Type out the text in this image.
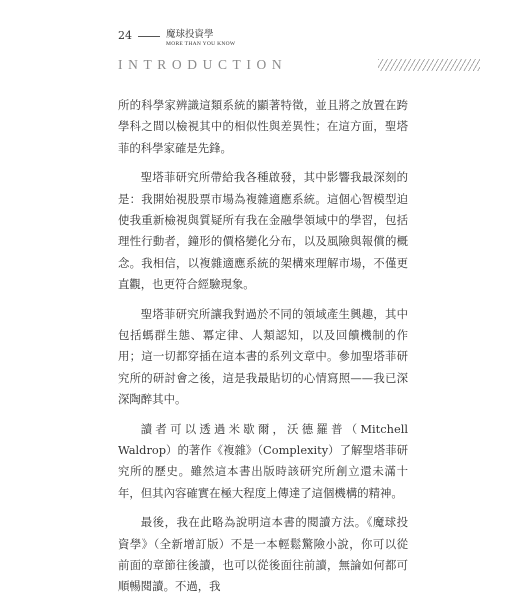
24	魔球投資學
MORE THAN YOU KNOW
INTRODUCTION

所的科學家辨識這類系統的顯著特徵，並且將之放置在跨學科之間以檢視其中的相似性與差異性；在這方面，聖塔菲的科學家確是先鋒。

聖塔菲研究所帶給我各種啟發，其中影響我最深刻的是：我開始視股票市場為複雜適應系統。這個心智模型迫使我重新檢視與質疑所有我在金融學領域中的學習，包括理性行動者，鐘形的價格變化分布，以及風險與報償的概念。我相信，以複雜適應系統的架構來理解市場，不僅更直觀，也更符合經驗現象。

聖塔菲研究所讓我對過於不同的領域產生興趣，其中包括螞群生態、冪定律、人類認知，以及回饋機制的作用；這一切都穿插在這本書的系列文章中。參加聖塔菲研究所的研討會之後，這是我最貼切的心情寫照——我已深深陶醉其中。

讀者可以透過米歇爾，沃德羅普（Mitchell Waldrop）的著作《複雜》（Complexity）了解聖塔菲研究所的歷史。雖然這本書出版時該研究所創立還未滿十年，但其內容確實在極大程度上傳達了這個機構的精神。

最後，我在此略為說明這本書的閱讀方法。《魔球投資學》（全新增訂版）不是一本輕鬆驚險小說，你可以從前面的章節往後讀，也可以從後面往前讀，無論如何都可順暢閱讀。不過，我
